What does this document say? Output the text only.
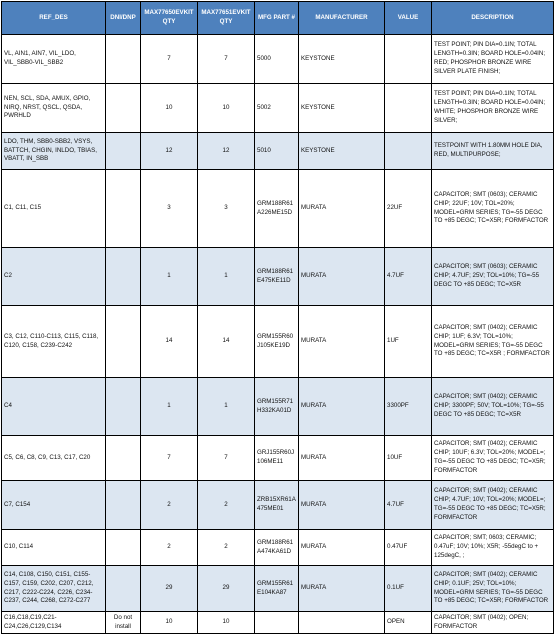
REF_DES	DNI/DNP	MAX77650EVKIT QTY	MAX77651EVKIT QTY	MFG PART #	MANUFACTURER	VALUE	DESCRIPTION
VL, AIN1, AIN7, VIL_LDO, VIL_SBB0-VIL_SBB2		7	7	5000	KEYSTONE		TEST POINT; PIN DIA=0.1IN; TOTAL LENGTH=0.3IN; BOARD HOLE=0.04IN; RED; PHOSPHOR BRONZE WIRE SILVER PLATE FINISH;
NEN, SCL, SDA, AMUX, GPIO, NIRQ, NRST, QSCL, QSDA, PWRHLD		10	10	5002	KEYSTONE		TEST POINT; PIN DIA=0.1IN; TOTAL LENGTH=0.3IN; BOARD HOLE=0.04IN; WHITE; PHOSPHOR BRONZE WIRE SILVER;
LDO, THM, SBB0-SBB2, VSYS, BATTCH, CHGIN, INLDO, TBIAS, VBATT, IN_SBB		12	12	5010	KEYSTONE		TESTPOINT WITH 1.80MM HOLE DIA, RED, MULTIPURPOSE;
C1, C11, C15		3	3	GRM188R61A226ME15D	MURATA	22UF	CAPACITOR; SMT (0603); CERAMIC CHIP; 22UF; 10V; TOL=20%; MODEL=GRM SERIES; TG=-55 DEGC TO +85 DEGC; TC=X5R; FORMFACTOR
C2		1	1	GRM188R61E475KE11D	MURATA	4.7UF	CAPACITOR; SMT (0603); CERAMIC CHIP; 4.7UF; 25V; TOL=10%; TG=-55 DEGC TO +85 DEGC; TC=X5R
C3, C12, C110-C113, C115, C118, C120, C158, C239-C242		14	14	GRM155R60J105KE19D	MURATA	1UF	CAPACITOR; SMT (0402); CERAMIC CHIP; 1UF; 6.3V; TOL=10%; MODEL=GRM SERIES; TG=-55 DEGC TO +85 DEGC; TC=X5R ; FORMFACTOR
C4		1	1	GRM155R71H332KA01D	MURATA	3300PF	CAPACITOR; SMT (0402); CERAMIC CHIP; 3300PF; 50V; TOL=10%; TG=-55 DEGC TO +85 DEGC; TC=X5R
C5, C6, C8, C9, C13, C17, C20		7	7	GRJ155R60J106ME11	MURATA	10UF	CAPACITOR; SMT (0402); CERAMIC CHIP; 10UF; 6.3V; TOL=20%; MODEL=; TG=-55 DEGC TO +85 DEGC; TC=X5R; FORMFACTOR
C7, C154		2	2	ZRB15XR61A475ME01	MURATA	4.7UF	CAPACITOR; SMT (0402); CERAMIC CHIP; 4.7UF; 10V; TOL=20%; MODEL=; TG=-55 DEGC TO +85 DEGC; TC=X5R; FORMFACTOR
C10, C114		2	2	GRM188R61A474KA61D	MURATA	0.47UF	CAPACITOR; SMT; 0603; CERAMIC; 0.47uF; 10V; 10%; X5R; -55degC to + 125degC, ;
C14, C108, C150, C151, C155-C157, C159, C202, C207, C212, C217, C222-C224, C226, C234-C237, C244, C268, C272-C277		29	29	GRM155R61E104KA87	MURATA	0.1UF	CAPACITOR; SMT (0402); CERAMIC CHIP; 0.1UF; 25V; TOL=10%; MODEL=GRM SERIES; TG=-55 DEGC TO +85 DEGC; TC=X5R; FORMFACTOR
C16,C18,C19,C21-C24,C26,C129,C134	Do not install	10	10			OPEN	CAPACITOR; SMT (0402); OPEN; FORMFACTOR
